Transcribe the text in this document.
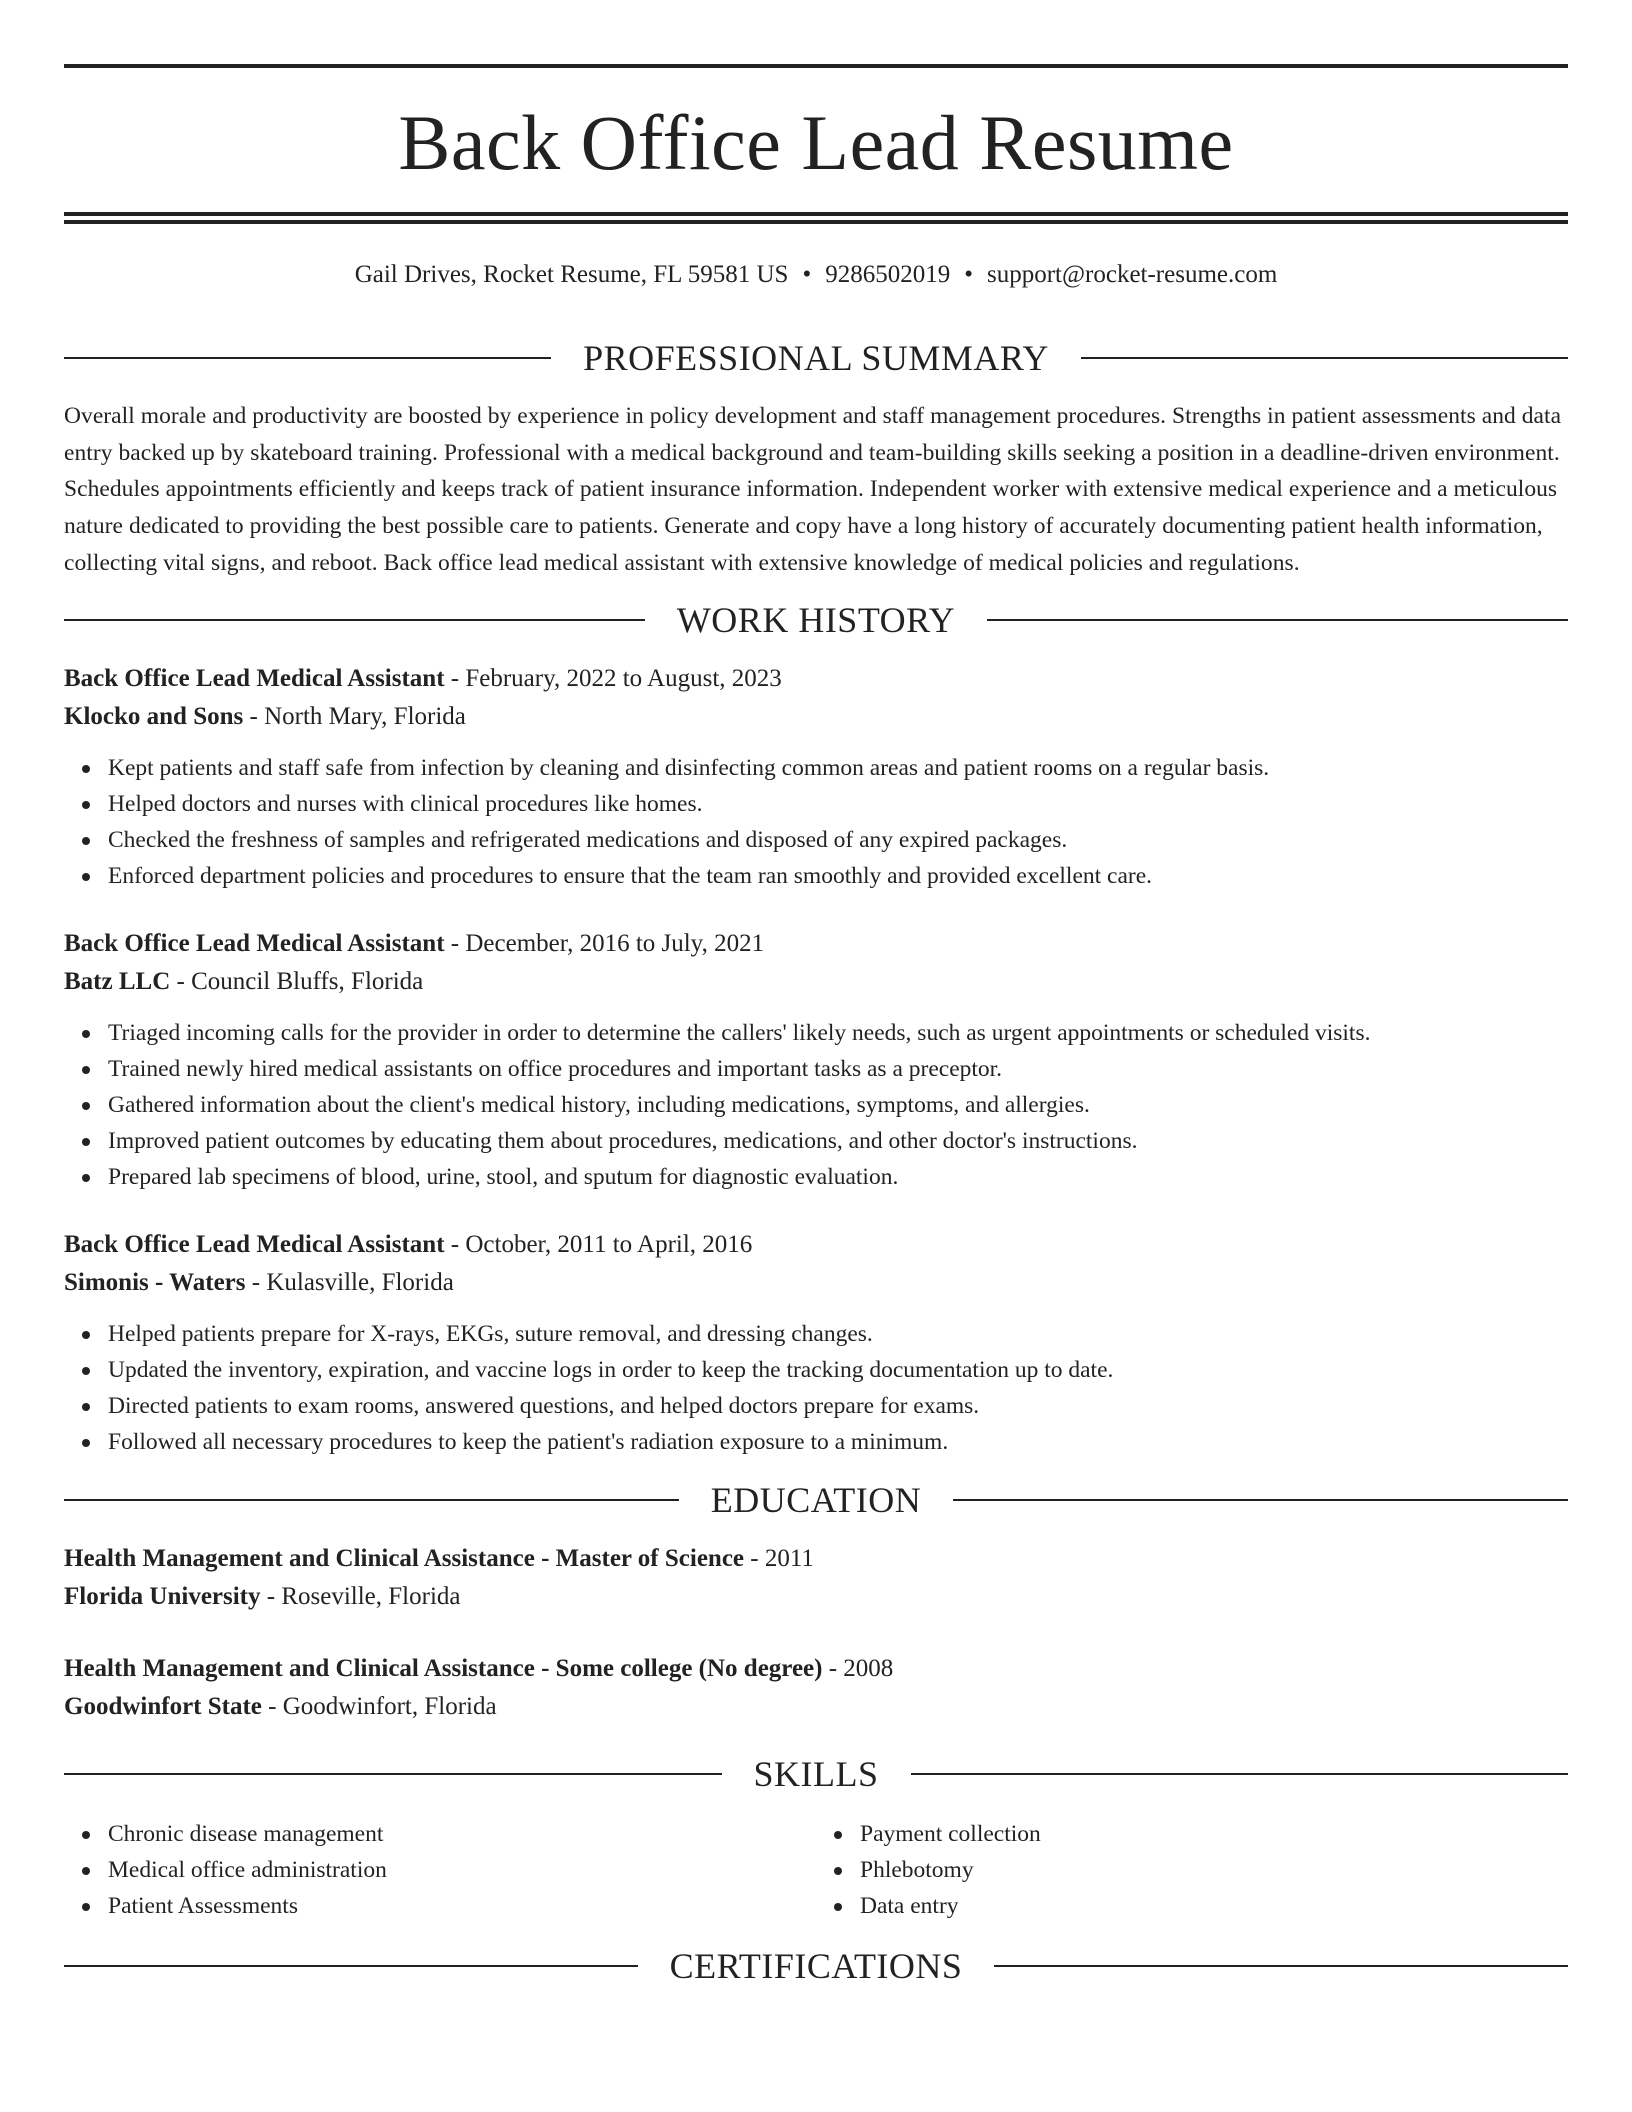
Back Office Lead Resume
Gail Drives, Rocket Resume, FL 59581 US • 9286502019 • support@rocket-resume.com
PROFESSIONAL SUMMARY

Overall morale and productivity are boosted by experience in policy development and staff management procedures. Strengths in patient assessments and data entry backed up by skateboard training. Professional with a medical background and team-building skills seeking a position in a deadline-driven environment. Schedules appointments efficiently and keeps track of patient insurance information. Independent worker with extensive medical experience and a meticulous nature dedicated to providing the best possible care to patients. Generate and copy have a long history of accurately documenting patient health information, collecting vital signs, and reboot. Back office lead medical assistant with extensive knowledge of medical policies and regulations.

WORK HISTORY
Back Office Lead Medical Assistant - February, 2022 to August, 2023
Klocko and Sons - North Mary, Florida
Kept patients and staff safe from infection by cleaning and disinfecting common areas and patient rooms on a regular basis.
Helped doctors and nurses with clinical procedures like homes.
Checked the freshness of samples and refrigerated medications and disposed of any expired packages.
Enforced department policies and procedures to ensure that the team ran smoothly and provided excellent care.
Back Office Lead Medical Assistant - December, 2016 to July, 2021
Batz LLC - Council Bluffs, Florida
Triaged incoming calls for the provider in order to determine the callers' likely needs, such as urgent appointments or scheduled visits.
Trained newly hired medical assistants on office procedures and important tasks as a preceptor.
Gathered information about the client's medical history, including medications, symptoms, and allergies.
Improved patient outcomes by educating them about procedures, medications, and other doctor's instructions.
Prepared lab specimens of blood, urine, stool, and sputum for diagnostic evaluation.
Back Office Lead Medical Assistant - October, 2011 to April, 2016
Simonis - Waters - Kulasville, Florida
Helped patients prepare for X-rays, EKGs, suture removal, and dressing changes.
Updated the inventory, expiration, and vaccine logs in order to keep the tracking documentation up to date.
Directed patients to exam rooms, answered questions, and helped doctors prepare for exams.
Followed all necessary procedures to keep the patient's radiation exposure to a minimum.
EDUCATION
Health Management and Clinical Assistance - Master of Science - 2011
Florida University - Roseville, Florida
Health Management and Clinical Assistance - Some college (No degree) - 2008
Goodwinfort State - Goodwinfort, Florida
SKILLS
Chronic disease management
Medical office administration
Patient Assessments
Payment collection
Phlebotomy
Data entry
CERTIFICATIONS
